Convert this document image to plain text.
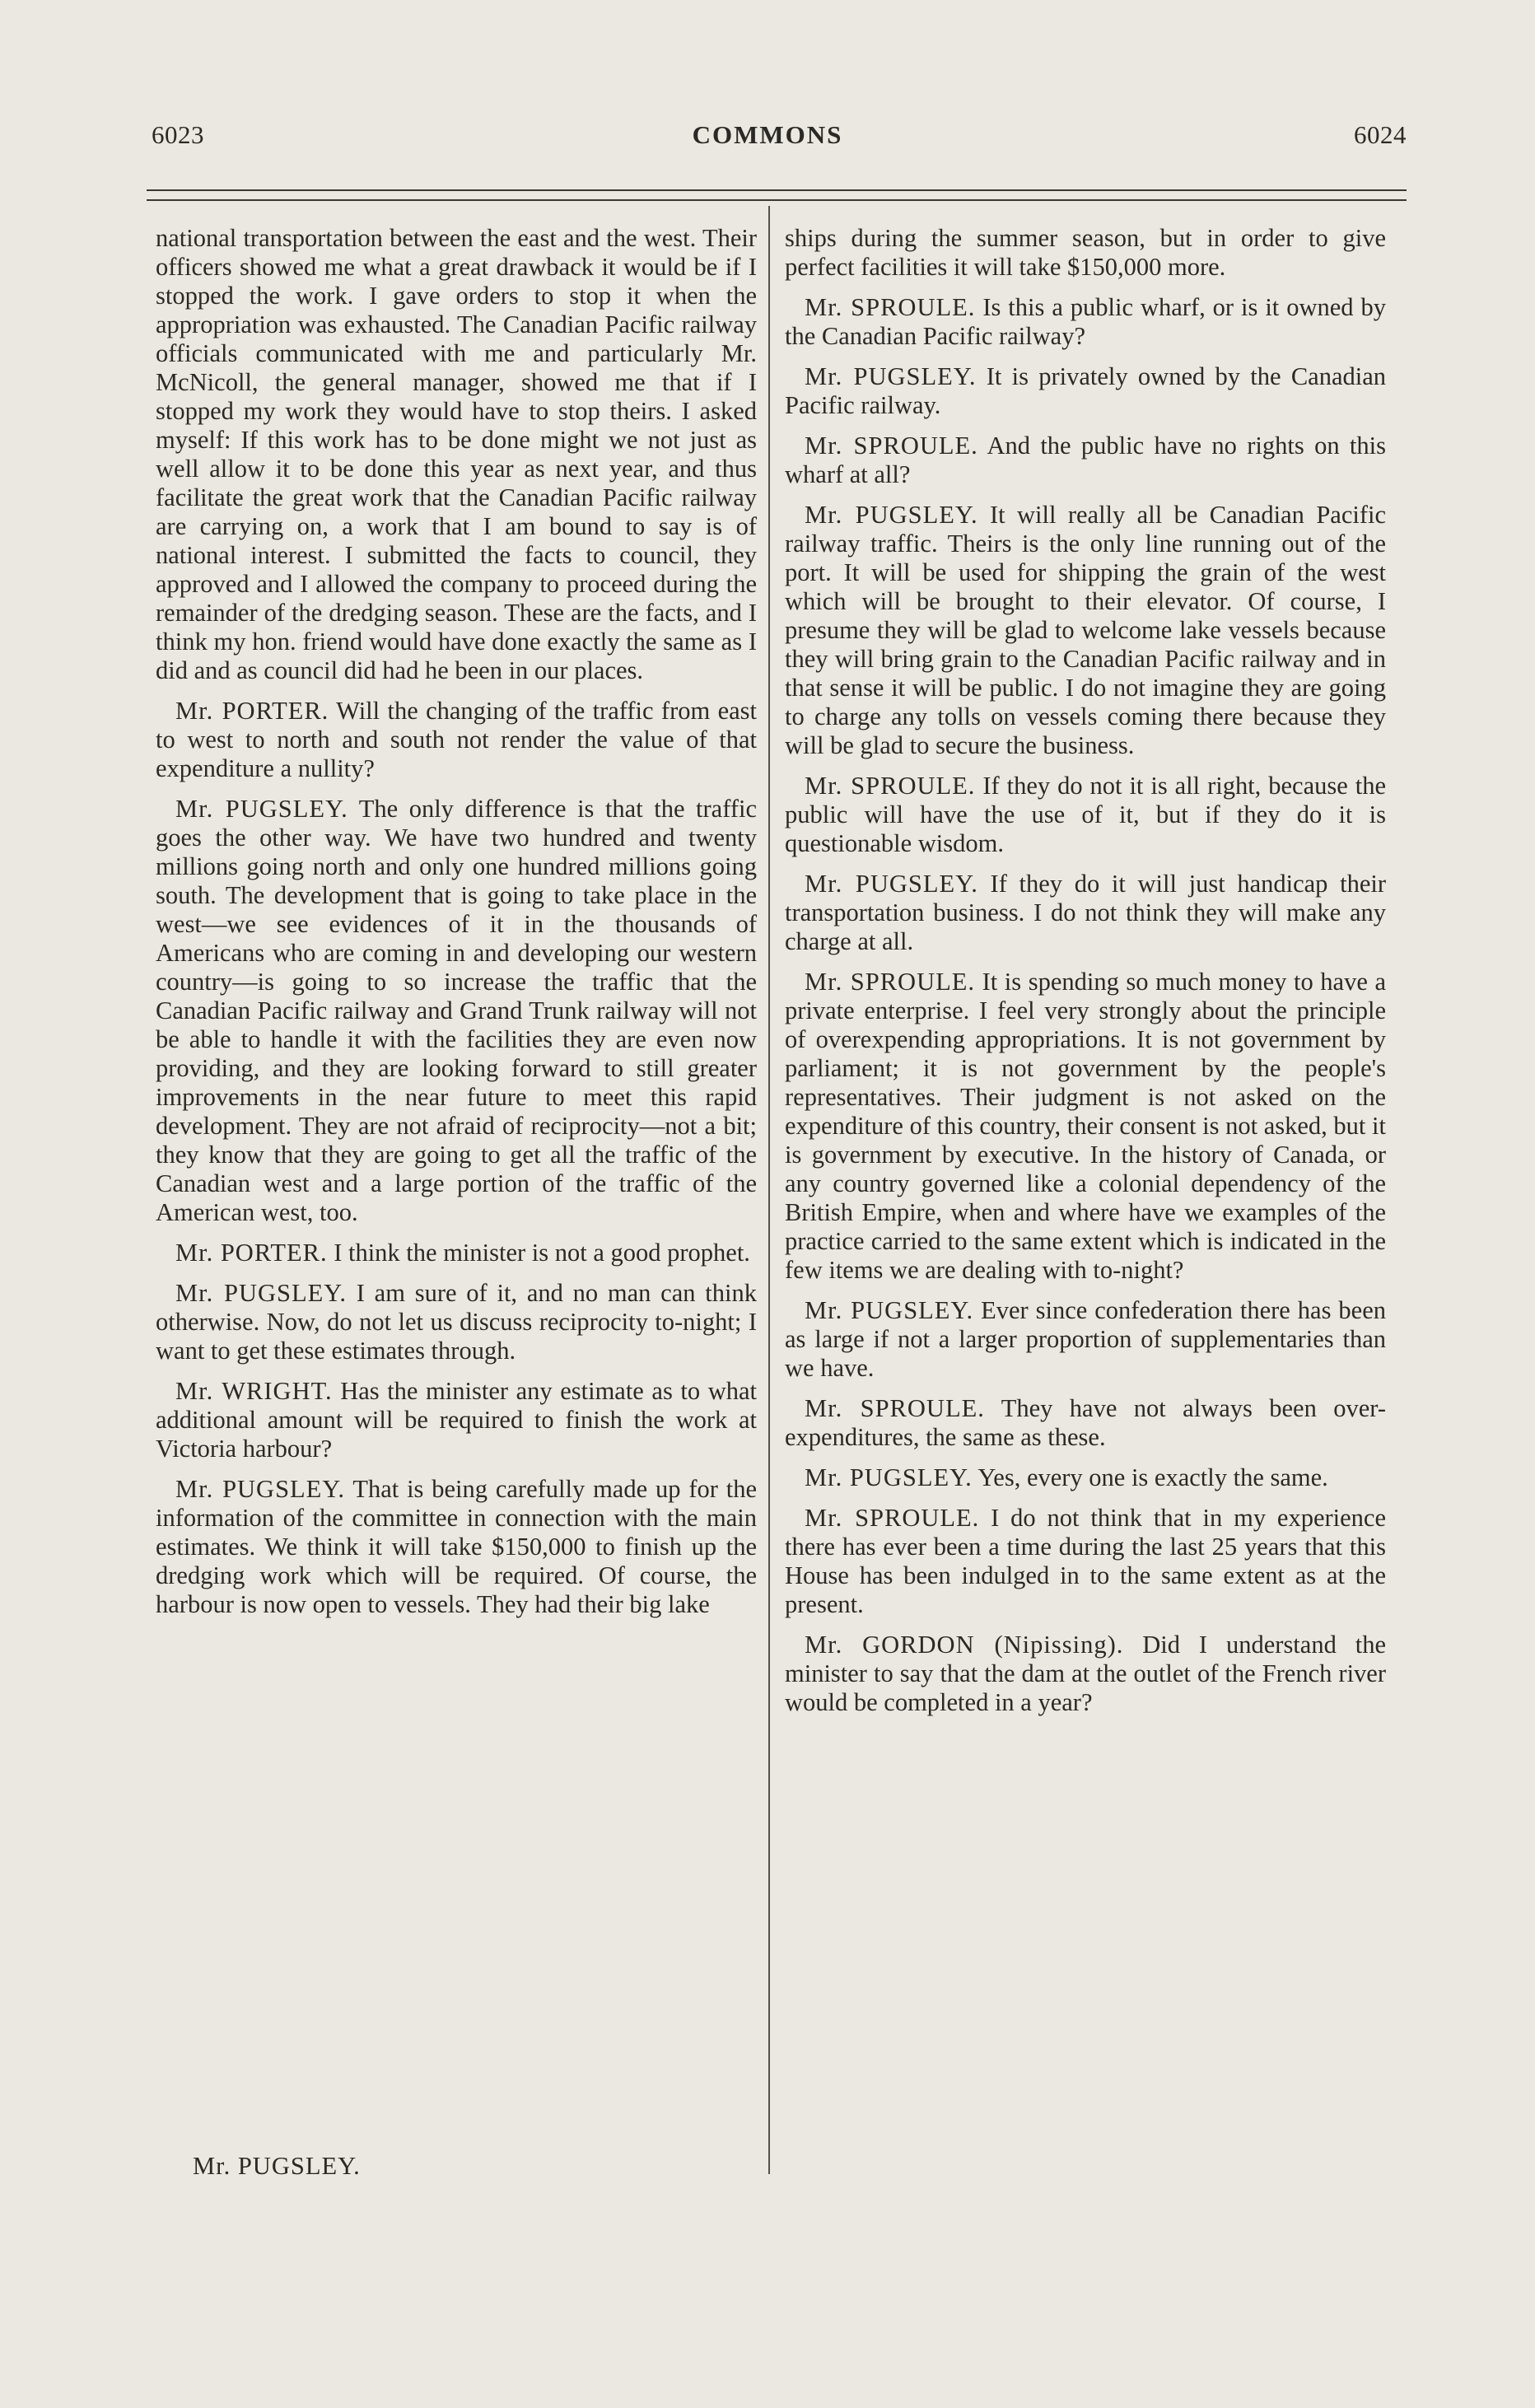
6023	COMMONS	6024

national transportation between the east and the west. Their officers showed me what a great drawback it would be if I stopped the work. I gave orders to stop it when the appropriation was exhausted. The Canadian Pacific railway officials communicated with me and particularly Mr. McNicoll, the general manager, showed me that if I stopped my work they would have to stop theirs. I asked myself: If this work has to be done might we not just as well allow it to be done this year as next year, and thus facilitate the great work that the Canadian Pacific railway are carrying on, a work that I am bound to say is of national interest. I submitted the facts to council, they approved and I allowed the company to proceed during the remainder of the dredging season. These are the facts, and I think my hon. friend would have done exactly the same as I did and as council did had he been in our places.

Mr. PORTER. Will the changing of the traffic from east to west to north and south not render the value of that expenditure a nullity?

Mr. PUGSLEY. The only difference is that the traffic goes the other way. We have two hundred and twenty millions going north and only one hundred millions going south. The development that is going to take place in the west—we see evidences of it in the thousands of Americans who are coming in and developing our western country—is going to so increase the traffic that the Canadian Pacific railway and Grand Trunk railway will not be able to handle it with the facilities they are even now providing, and they are looking forward to still greater improvements in the near future to meet this rapid development. They are not afraid of reciprocity—not a bit; they know that they are going to get all the traffic of the Canadian west and a large portion of the traffic of the American west, too.

Mr. PORTER. I think the minister is not a good prophet.

Mr. PUGSLEY. I am sure of it, and no man can think otherwise. Now, do not let us discuss reciprocity to-night; I want to get these estimates through.

Mr. WRIGHT. Has the minister any estimate as to what additional amount will be required to finish the work at Victoria harbour?

Mr. PUGSLEY. That is being carefully made up for the information of the committee in connection with the main estimates. We think it will take $150,000 to finish up the dredging work which will be required. Of course, the harbour is now open to vessels. They had their big lake

Mr. PUGSLEY.

ships during the summer season, but in order to give perfect facilities it will take $150,000 more.

Mr. SPROULE. Is this a public wharf, or is it owned by the Canadian Pacific railway?

Mr. PUGSLEY. It is privately owned by the Canadian Pacific railway.

Mr. SPROULE. And the public have no rights on this wharf at all?

Mr. PUGSLEY. It will really all be Canadian Pacific railway traffic. Theirs is the only line running out of the port. It will be used for shipping the grain of the west which will be brought to their elevator. Of course, I presume they will be glad to welcome lake vessels because they will bring grain to the Canadian Pacific railway and in that sense it will be public. I do not imagine they are going to charge any tolls on vessels coming there because they will be glad to secure the business.

Mr. SPROULE. If they do not it is all right, because the public will have the use of it, but if they do it is questionable wisdom.

Mr. PUGSLEY. If they do it will just handicap their transportation business. I do not think they will make any charge at all.

Mr. SPROULE. It is spending so much money to have a private enterprise. I feel very strongly about the principle of overexpending appropriations. It is not government by parliament; it is not government by the people's representatives. Their judgment is not asked on the expenditure of this country, their consent is not asked, but it is government by executive. In the history of Canada, or any country governed like a colonial dependency of the British Empire, when and where have we examples of the practice carried to the same extent which is indicated in the few items we are dealing with to-night?

Mr. PUGSLEY. Ever since confederation there has been as large if not a larger proportion of supplementaries than we have.

Mr. SPROULE. They have not always been over-expenditures, the same as these.

Mr. PUGSLEY. Yes, every one is exactly the same.

Mr. SPROULE. I do not think that in my experience there has ever been a time during the last 25 years that this House has been indulged in to the same extent as at the present.

Mr. GORDON (Nipissing). Did I understand the minister to say that the dam at the outlet of the French river would be completed in a year?
